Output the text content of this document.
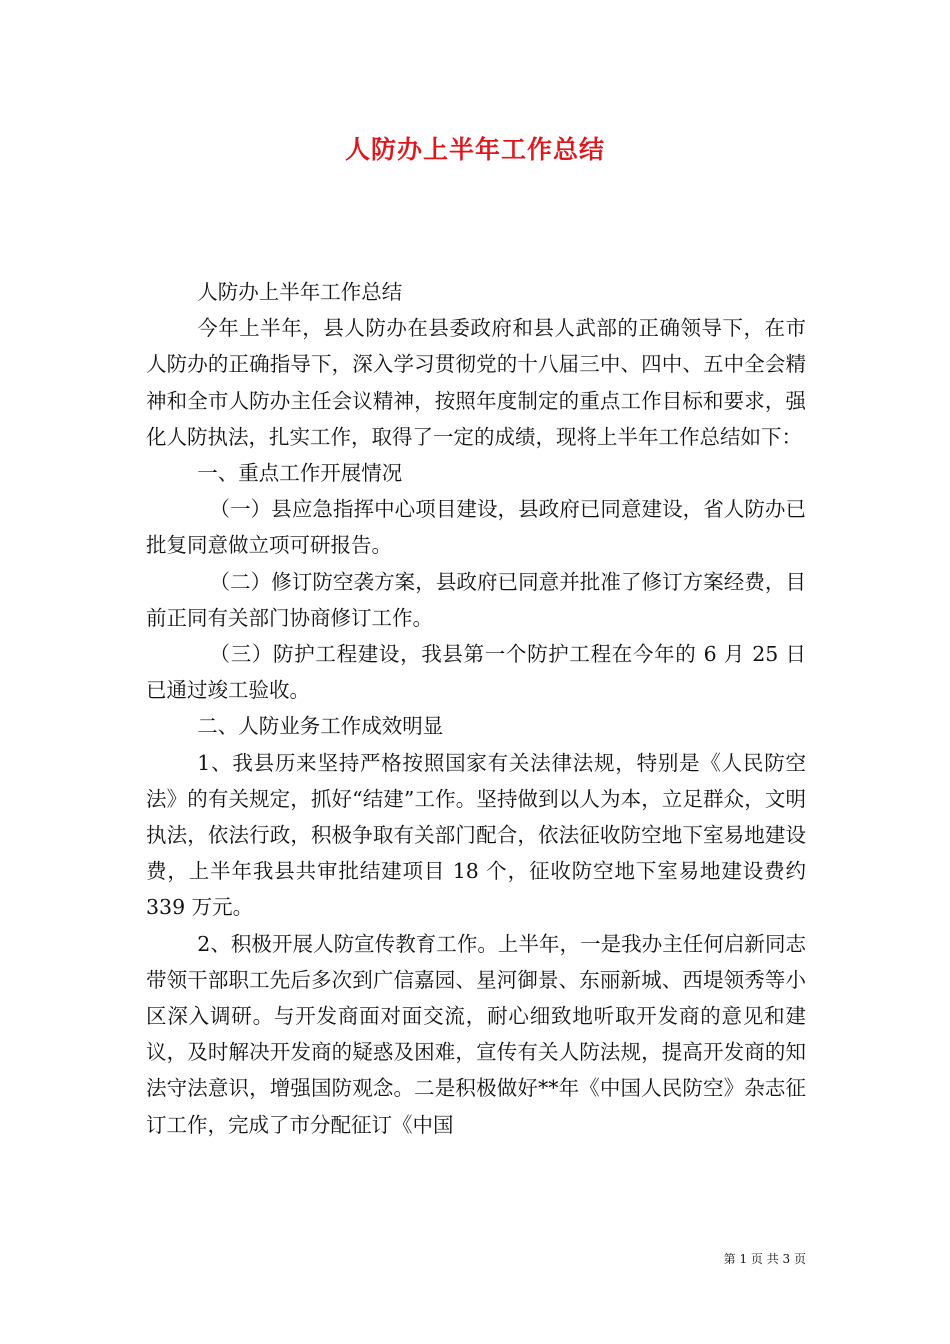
人防办上半年工作总结

人防办上半年工作总结

今年上半年，县人防办在县委政府和县人武部的正确领导下，在市人防办的正确指导下，深入学习贯彻党的十八届三中、四中、五中全会精神和全市人防办主任会议精神，按照年度制定的重点工作目标和要求，强化人防执法，扎实工作，取得了一定的成绩，现将上半年工作总结如下：

一、重点工作开展情况

（一）县应急指挥中心项目建设，县政府已同意建设，省人防办已批复同意做立项可研报告。

（二）修订防空袭方案，县政府已同意并批准了修订方案经费，目前正同有关部门协商修订工作。

（三）防护工程建设，我县第一个防护工程在今年的 6 月 25 日已通过竣工验收。

二、人防业务工作成效明显

1、我县历来坚持严格按照国家有关法律法规，特别是《人民防空法》的有关规定，抓好“结建”工作。坚持做到以人为本，立足群众，文明执法，依法行政，积极争取有关部门配合，依法征收防空地下室易地建设费，上半年我县共审批结建项目 18 个，征收防空地下室易地建设费约 339 万元。

2、积极开展人防宣传教育工作。上半年，一是我办主任何启新同志带领干部职工先后多次到广信嘉园、星河御景、东丽新城、西堤领秀等小区深入调研。与开发商面对面交流，耐心细致地听取开发商的意见和建议，及时解决开发商的疑惑及困难，宣传有关人防法规，提高开发商的知法守法意识，增强国防观念。二是积极做好**年《中国人民防空》杂志征订工作，完成了市分配征订《中国

第 1 页 共 3 页
